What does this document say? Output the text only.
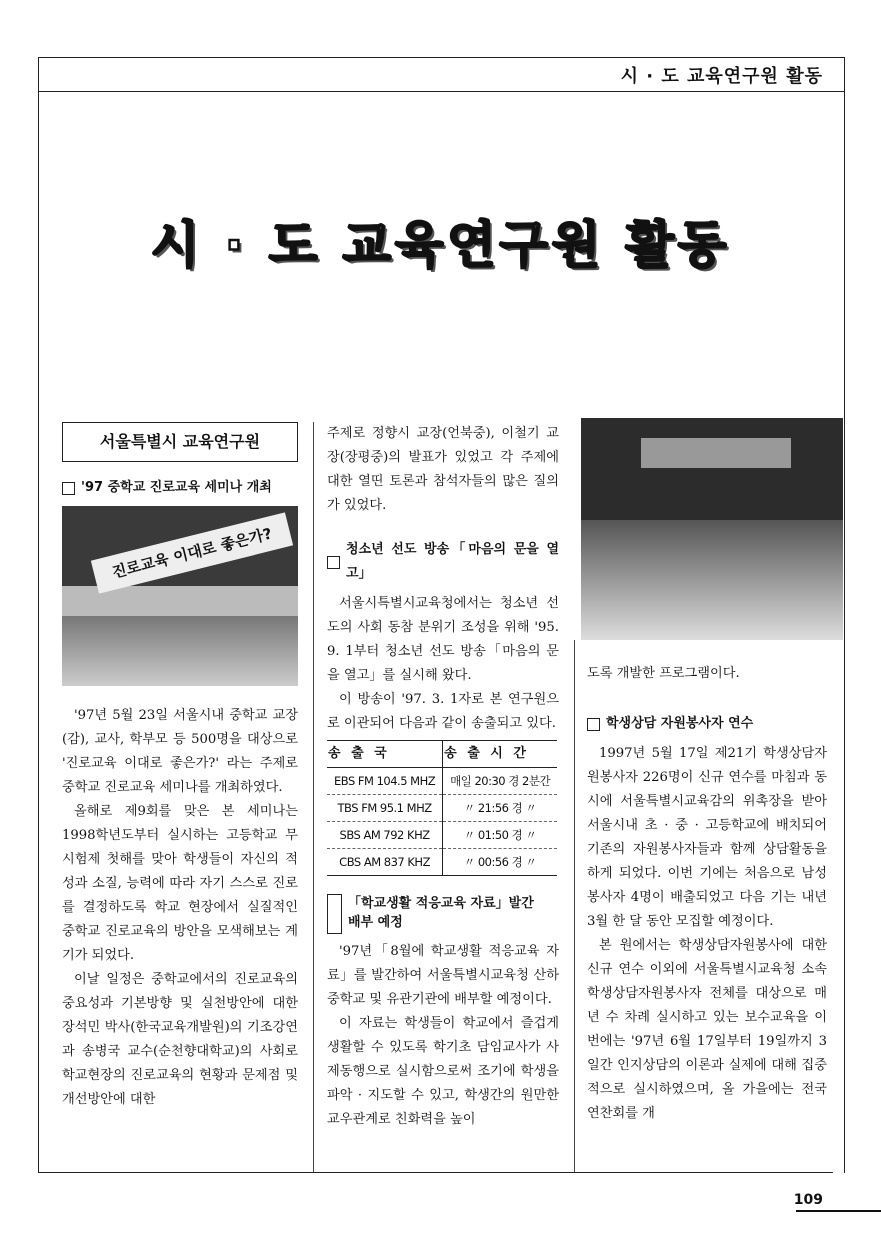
시 · 도 교육연구원 활동
시 · 도 교육연구원 활동
서울특별시 교육연구원
'97 중학교 진로교육 세미나 개최
진로교육 이대로 좋은가?

'97년 5월 23일 서울시내 중학교 교장(감), 교사, 학부모 등 500명을 대상으로 '진로교육 이대로 좋은가?' 라는 주제로 중학교 진로교육 세미나를 개최하였다.

올해로 제9회를 맞은 본 세미나는 1998학년도부터 실시하는 고등학교 무시험제 첫해를 맞아 학생들이 자신의 적성과 소질, 능력에 따라 자기 스스로 진로를 결정하도록 학교 현장에서 실질적인 중학교 진로교육의 방안을 모색해보는 계기가 되었다.

이날 일정은 중학교에서의 진로교육의 중요성과 기본방향 및 실천방안에 대한 장석민 박사(한국교육개발원)의 기조강연과 송병국 교수(순천향대학교)의 사회로 학교현장의 진로교육의 현황과 문제점 및 개선방안에 대한

주제로 정향시 교장(언북중), 이철기 교장(장평중)의 발표가 있었고 각 주제에 대한 열띤 토론과 참석자들의 많은 질의가 있었다.

청소년 선도 방송「마음의 문을 열고」

서울시특별시교육청에서는 청소년 선도의 사회 동참 분위기 조성을 위해 '95. 9. 1부터 청소년 선도 방송「마음의 문을 열고」를 실시해 왔다.

이 방송이 '97. 3. 1자로 본 연구원으로 이관되어 다음과 같이 송출되고 있다.

송 출 국	송 출 시 간
EBS FM 104.5 MHZ	매일 20:30 경 2분간
TBS FM 95.1 MHZ	〃 21:56 경 〃
SBS AM 792 KHZ	〃 01:50 경 〃
CBS AM 837 KHZ	〃 00:56 경 〃
「학교생활 적응교육 자료」발간
배부 예정

'97년「8월에 학교생활 적응교육 자료」를 발간하여 서울특별시교육청 산하 중학교 및 유관기관에 배부할 예정이다.

이 자료는 학생들이 학교에서 즐겁게 생활할 수 있도록 학기초 담임교사가 사제동행으로 실시함으로써 조기에 학생을 파악 · 지도할 수 있고, 학생간의 원만한 교우관계로 친화력을 높이

도록 개발한 프로그램이다.

학생상담 자원봉사자 연수

1997년 5월 17일 제21기 학생상담자원봉사자 226명이 신규 연수를 마침과 동시에 서울특별시교육감의 위촉장을 받아 서울시내 초 · 중 · 고등학교에 배치되어 기존의 자원봉사자들과 함께 상담활동을 하게 되었다. 이번 기에는 처음으로 남성 봉사자 4명이 배출되었고 다음 기는 내년 3월 한 달 동안 모집할 예정이다.

본 원에서는 학생상담자원봉사에 대한 신규 연수 이외에 서울특별시교육청 소속 학생상담자원봉사자 전체를 대상으로 매년 수 차례 실시하고 있는 보수교육을 이번에는 '97년 6월 17일부터 19일까지 3일간 인지상담의 이론과 실제에 대해 집중적으로 실시하였으며, 올 가을에는 전국 연찬회를 개

109
